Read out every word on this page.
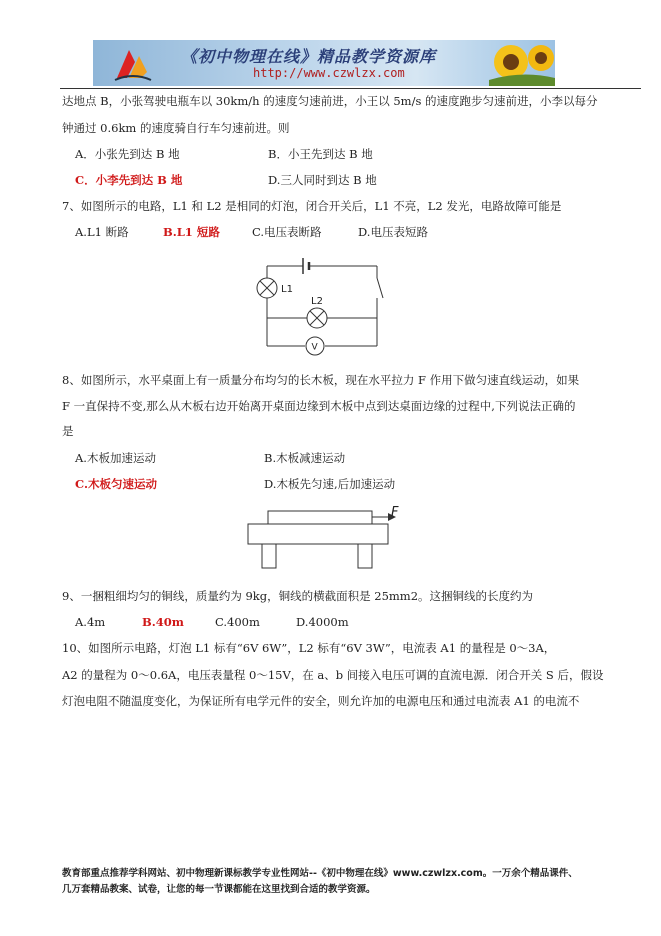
《初中物理在线》精品教学资源库
http://www.czwlzx.com
达地点 B，小张驾驶电瓶车以 30km/h 的速度匀速前进，小王以 5m/s 的速度跑步匀速前进，小李以每分
钟通过 0.6km 的速度骑自行车匀速前进。则
A．小张先到达 B 地	B．小王先到达 B 地
C．小李先到达 B 地	D.三人同时到达 B 地
7、如图所示的电路，L1 和 L2 是相同的灯泡，闭合开关后，L1 不亮，L2 发光，电路故障可能是
A.L1 断路	B.L1 短路	C.电压表断路	D.电压表短路
L1
L2
V
8、如图所示，水平桌面上有一质量分布均匀的长木板，现在水平拉力 F 作用下做匀速直线运动，如果
F 一直保持不变,那么从木板右边开始离开桌面边缘到木板中点到达桌面边缘的过程中,下列说法正确的
是
A.木板加速运动	B.木板减速运动
C.木板匀速运动	D.木板先匀速,后加速运动
F
9、一捆粗细均匀的铜线，质量约为 9kg，铜线的横截面积是 25mm2。这捆铜线的长度约为
A.4m	B.40m	C.400m	D.4000m
10、如图所示电路，灯泡 L1 标有“6V 6W”，L2 标有“6V 3W”，电流表 A1 的量程是 0～3A，
A2 的量程为 0～0.6A，电压表量程 0～15V，在 a、b 间接入电压可调的直流电源．闭合开关 S 后，假设
灯泡电阻不随温度变化，为保证所有电学元件的安全，则允许加的电源电压和通过电流表 A1 的电流不
教育部重点推荐学科网站、初中物理新课标教学专业性网站--《初中物理在线》www.czwlzx.com。一万余个精品课件、
几万套精品教案、试卷，让您的每一节课都能在这里找到合适的教学资源。
